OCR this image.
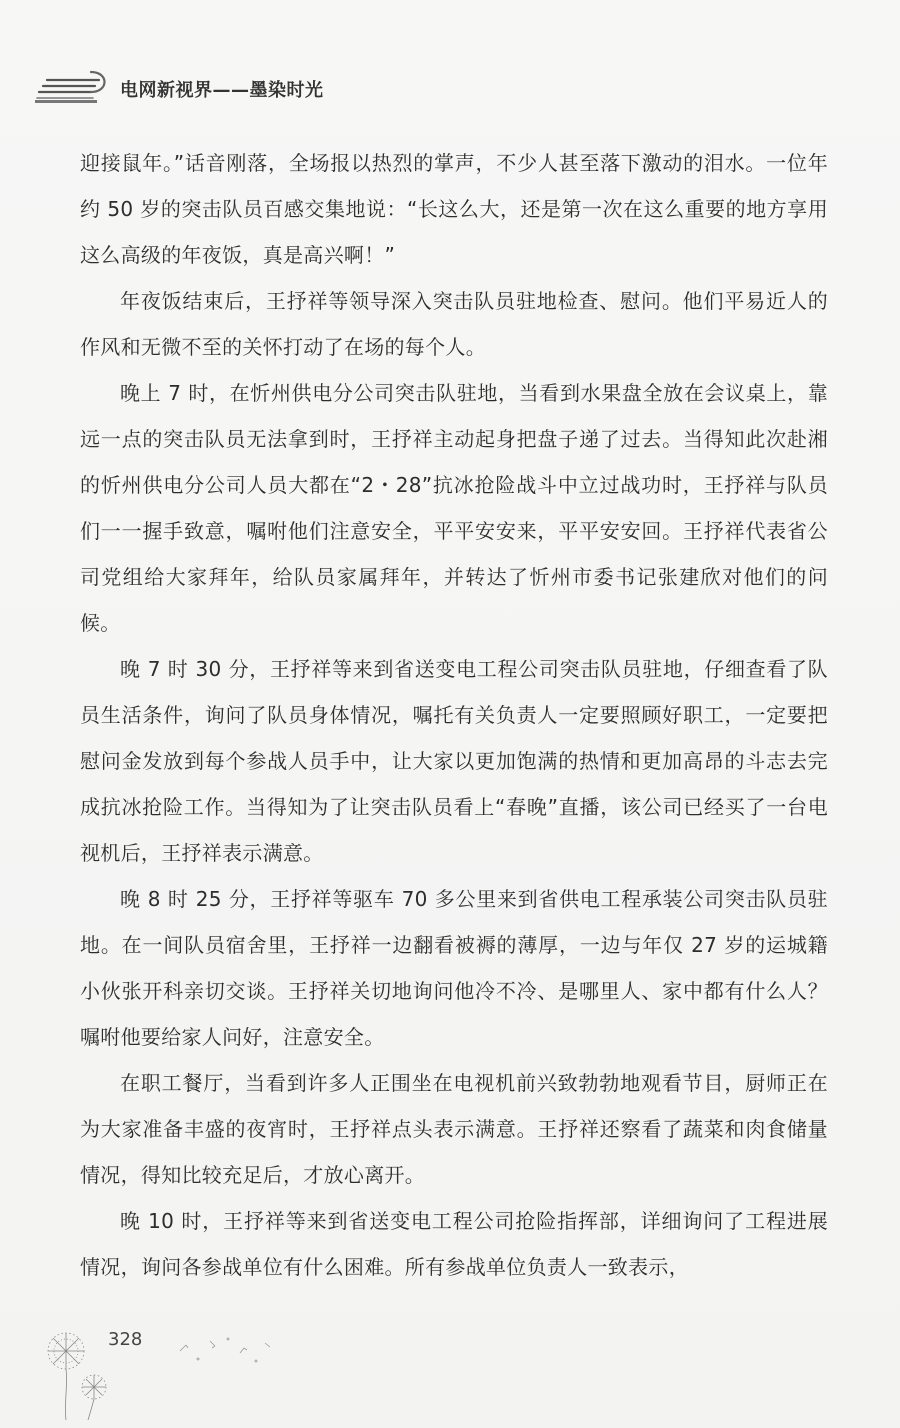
电网新视界——墨染时光

迎接鼠年。”话音刚落，全场报以热烈的掌声，不少人甚至落下激动的泪水。一位年约 50 岁的突击队员百感交集地说：“长这么大，还是第一次在这么重要的地方享用这么高级的年夜饭，真是高兴啊！”

年夜饭结束后，王抒祥等领导深入突击队员驻地检查、慰问。他们平易近人的作风和无微不至的关怀打动了在场的每个人。

晚上 7 时，在忻州供电分公司突击队驻地，当看到水果盘全放在会议桌上，靠远一点的突击队员无法拿到时，王抒祥主动起身把盘子递了过去。当得知此次赴湘的忻州供电分公司人员大都在“2・28”抗冰抢险战斗中立过战功时，王抒祥与队员们一一握手致意，嘱咐他们注意安全，平平安安来，平平安安回。王抒祥代表省公司党组给大家拜年，给队员家属拜年，并转达了忻州市委书记张建欣对他们的问候。

晚 7 时 30 分，王抒祥等来到省送变电工程公司突击队员驻地，仔细查看了队员生活条件，询问了队员身体情况，嘱托有关负责人一定要照顾好职工，一定要把慰问金发放到每个参战人员手中，让大家以更加饱满的热情和更加高昂的斗志去完成抗冰抢险工作。当得知为了让突击队员看上“春晚”直播，该公司已经买了一台电视机后，王抒祥表示满意。

晚 8 时 25 分，王抒祥等驱车 70 多公里来到省供电工程承装公司突击队员驻地。在一间队员宿舍里，王抒祥一边翻看被褥的薄厚，一边与年仅 27 岁的运城籍小伙张开科亲切交谈。王抒祥关切地询问他冷不冷、是哪里人、家中都有什么人？嘱咐他要给家人问好，注意安全。

在职工餐厅，当看到许多人正围坐在电视机前兴致勃勃地观看节目，厨师正在为大家准备丰盛的夜宵时，王抒祥点头表示满意。王抒祥还察看了蔬菜和肉食储量情况，得知比较充足后，才放心离开。

晚 10 时，王抒祥等来到省送变电工程公司抢险指挥部，详细询问了工程进展情况，询问各参战单位有什么困难。所有参战单位负责人一致表示，

328
